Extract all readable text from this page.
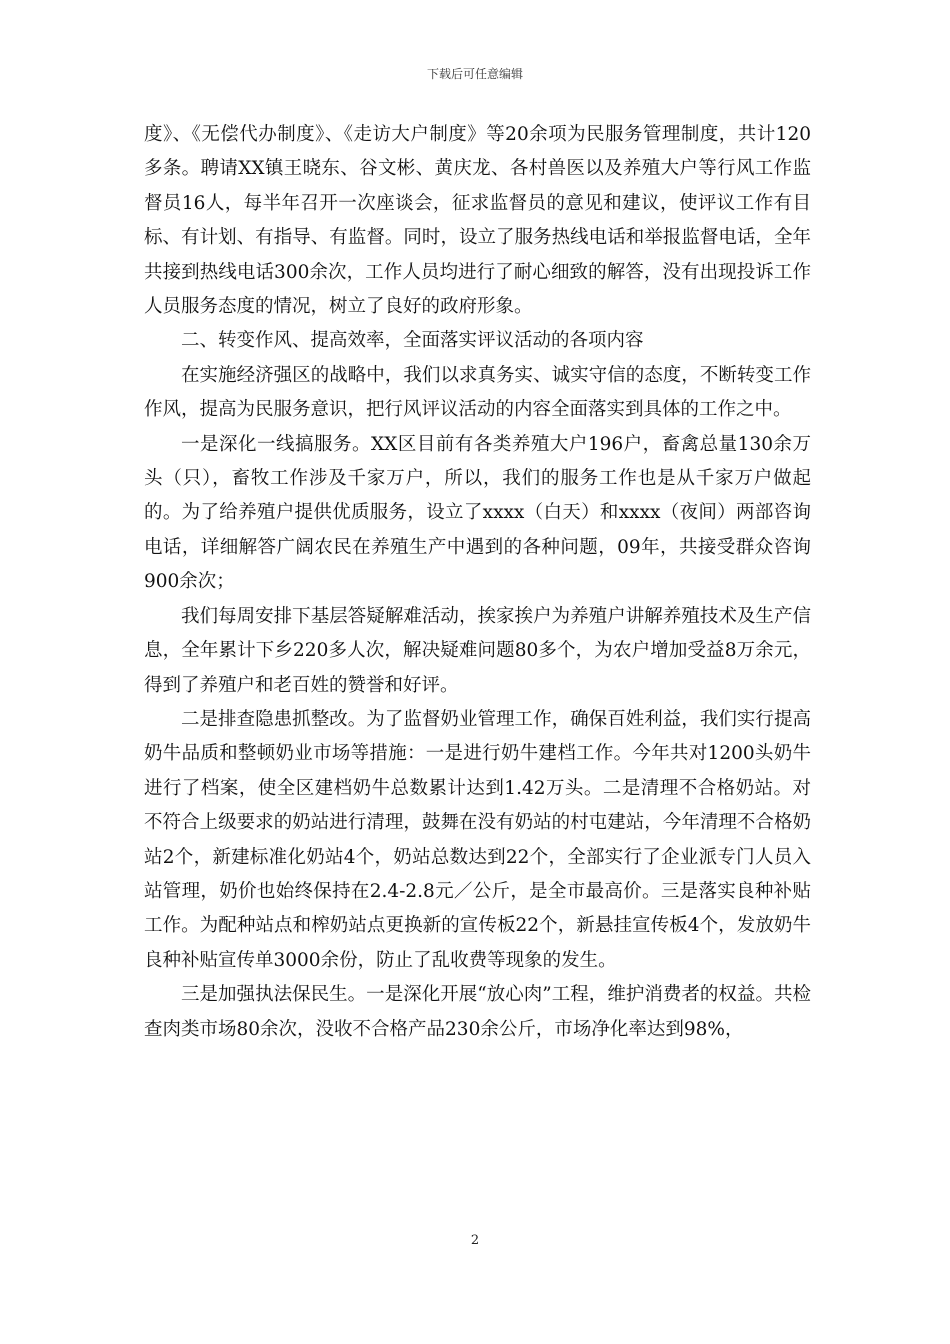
下载后可任意编辑

度》、《无偿代办制度》、《走访大户制度》等20余项为民服务管理制度，共计120多条。聘请XX镇王晓东、谷文彬、黄庆龙、各村兽医以及养殖大户等行风工作监督员16人，每半年召开一次座谈会，征求监督员的意见和建议，使评议工作有目标、有计划、有指导、有监督。同时，设立了服务热线电话和举报监督电话，全年共接到热线电话300余次，工作人员均进行了耐心细致的解答，没有出现投诉工作人员服务态度的情况，树立了良好的政府形象。

二、转变作风、提高效率，全面落实评议活动的各项内容

在实施经济强区的战略中，我们以求真务实、诚实守信的态度，不断转变工作作风，提高为民服务意识，把行风评议活动的内容全面落实到具体的工作之中。

一是深化一线搞服务。XX区目前有各类养殖大户196户，畜禽总量130余万头（只），畜牧工作涉及千家万户，所以，我们的服务工作也是从千家万户做起的。为了给养殖户提供优质服务，设立了xxxx（白天）和xxxx（夜间）两部咨询电话，详细解答广阔农民在养殖生产中遇到的各种问题，09年，共接受群众咨询900余次；

我们每周安排下基层答疑解难活动，挨家挨户为养殖户讲解养殖技术及生产信息，全年累计下乡220多人次，解决疑难问题80多个，为农户增加受益8万余元，得到了养殖户和老百姓的赞誉和好评。

二是排查隐患抓整改。为了监督奶业管理工作，确保百姓利益，我们实行提高奶牛品质和整顿奶业市场等措施：一是进行奶牛建档工作。今年共对1200头奶牛进行了档案，使全区建档奶牛总数累计达到1.42万头。二是清理不合格奶站。对不符合上级要求的奶站进行清理，鼓舞在没有奶站的村屯建站，今年清理不合格奶站2个，新建标准化奶站4个，奶站总数达到22个，全部实行了企业派专门人员入站管理，奶价也始终保持在2.4-2.8元／公斤，是全市最高价。三是落实良种补贴工作。为配种站点和榨奶站点更换新的宣传板22个，新悬挂宣传板4个，发放奶牛良种补贴宣传单3000余份，防止了乱收费等现象的发生。

三是加强执法保民生。一是深化开展“放心肉”工程，维护消费者的权益。共检查肉类市场80余次，没收不合格产品230余公斤，市场净化率达到98%，

2
